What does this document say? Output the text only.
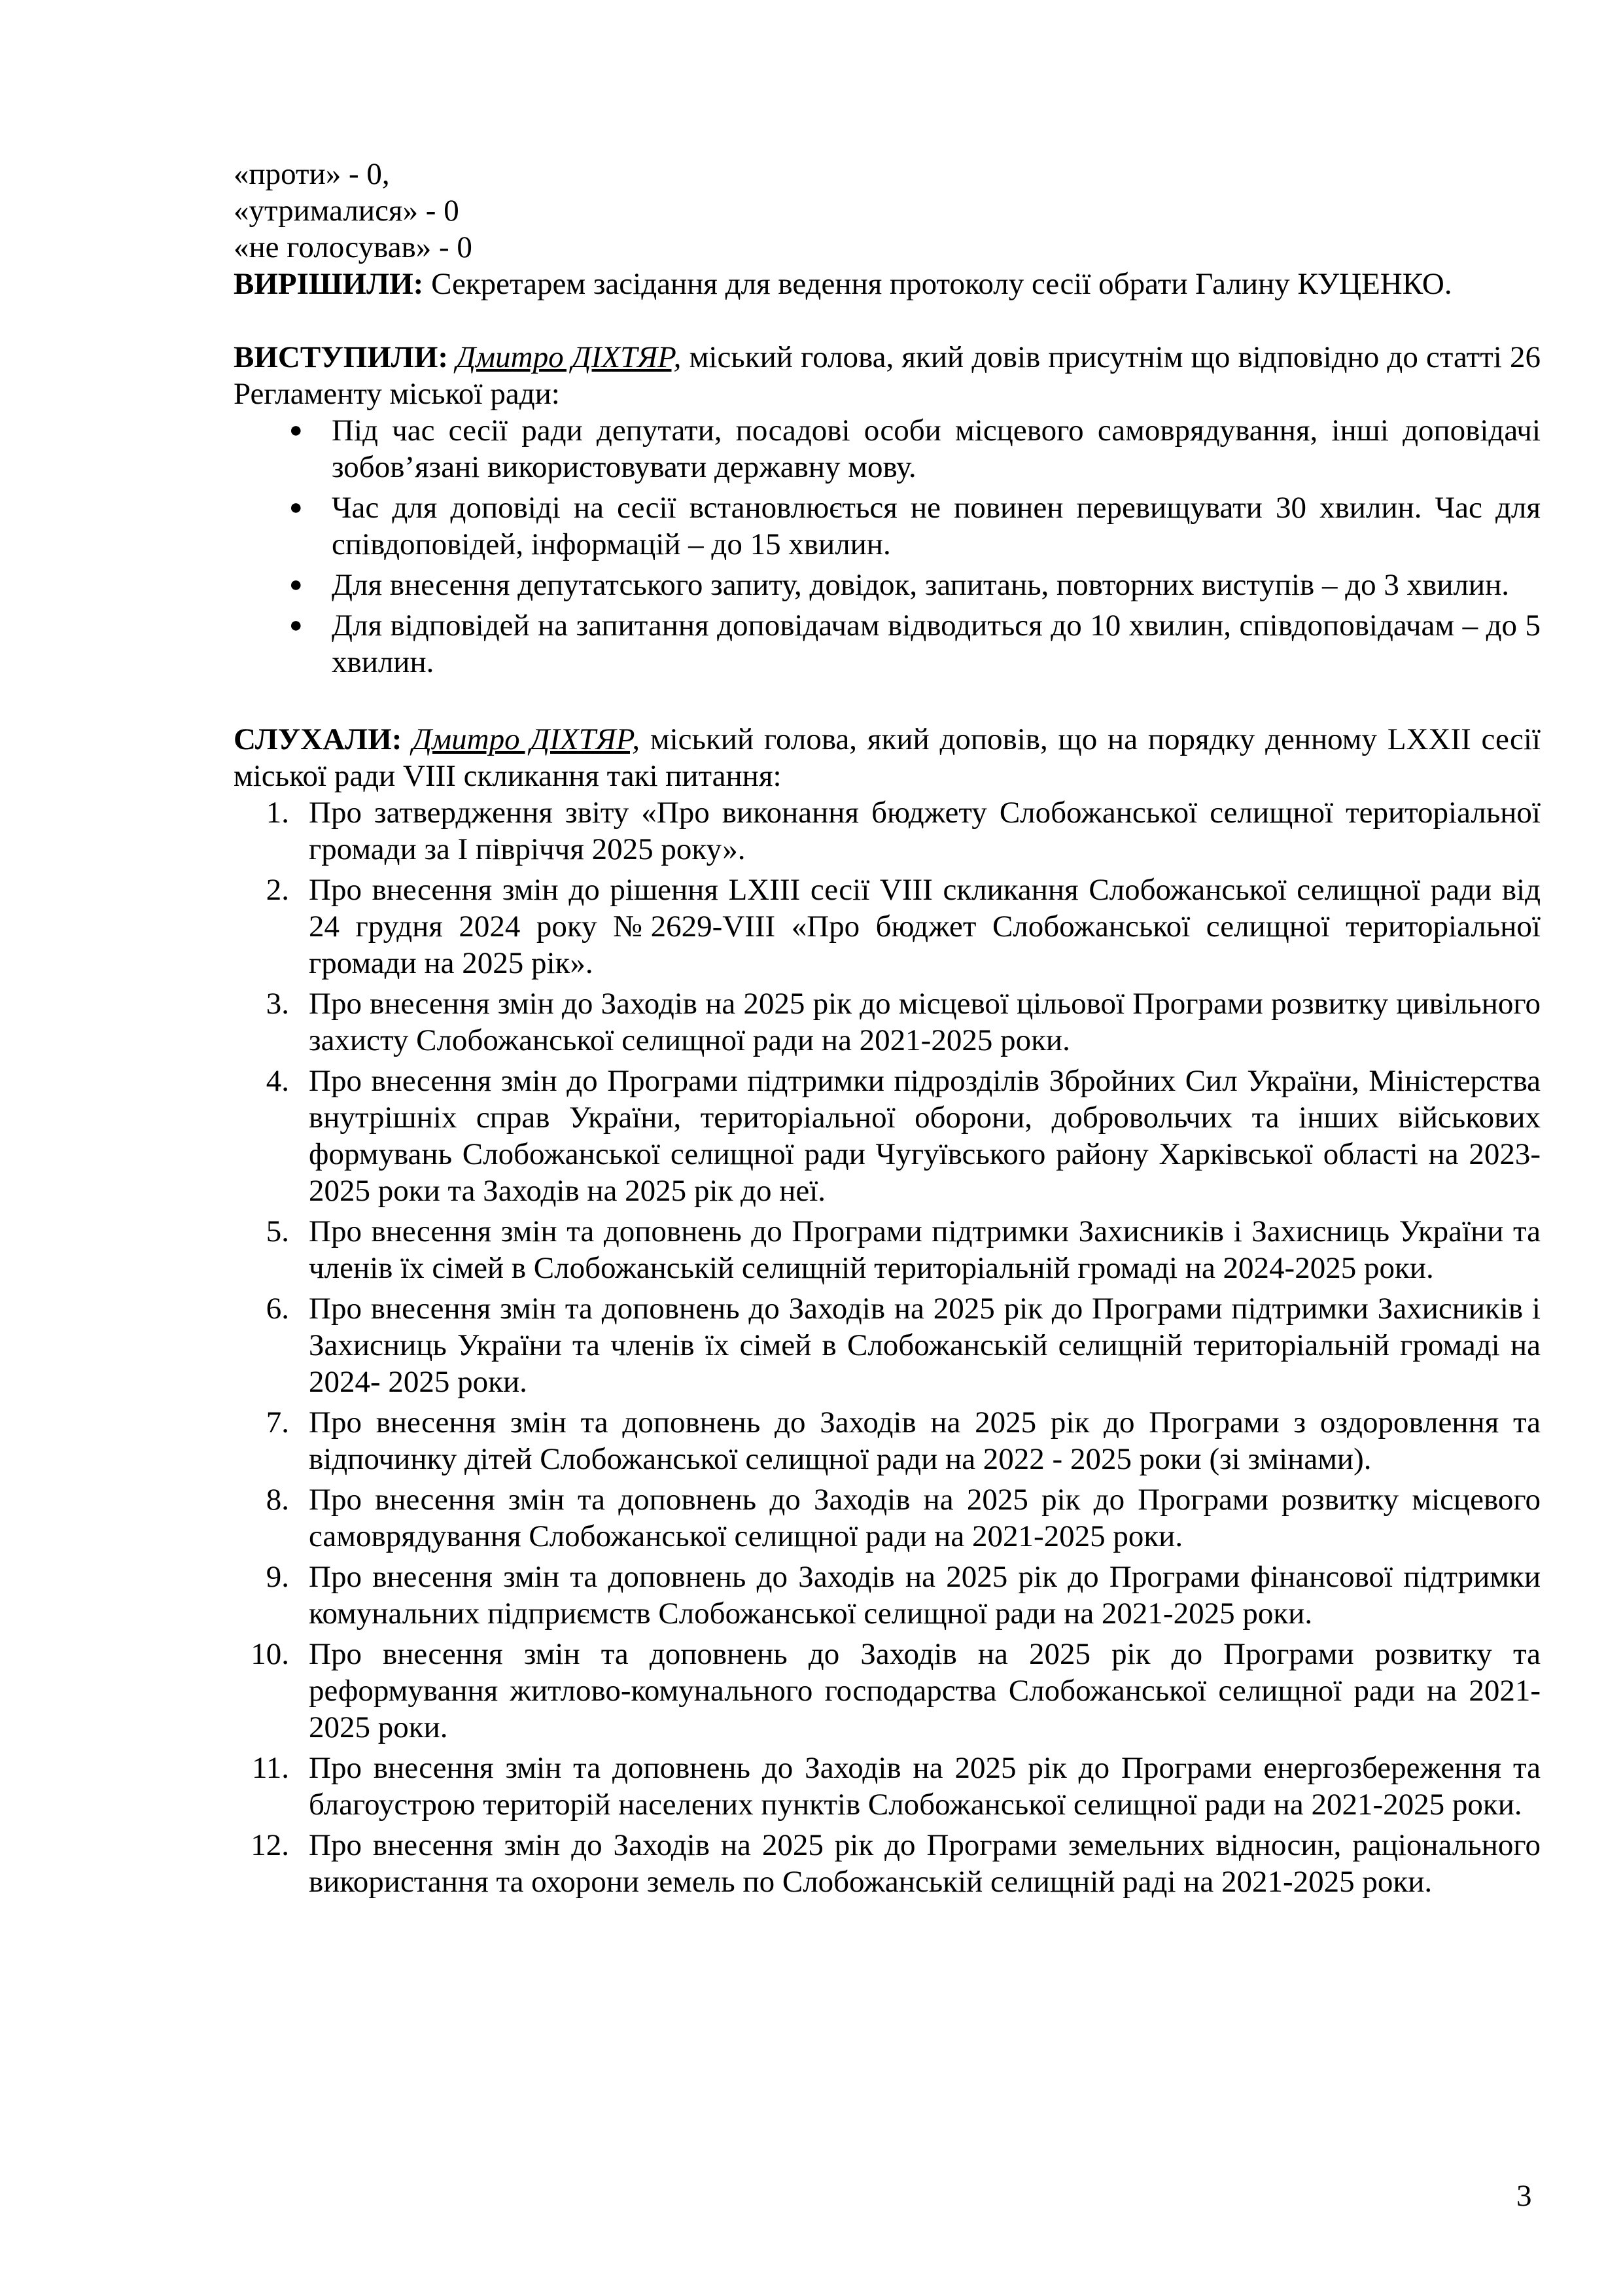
«проти» - 0,

«утрималися» - 0

«не голосував» - 0

ВИРІШИЛИ: Секретарем засідання для ведення протоколу сесії обрати Галину КУЦЕНКО.

ВИСТУПИЛИ: Дмитро ДІХТЯР, міський голова, який довів присутнім що відповідно до статті 26 Регламенту міської ради:

● Під час сесії ради депутати, посадові особи місцевого самоврядування, інші доповідачі зобов’язані використовувати державну мову.
● Час для доповіді на сесії встановлюється не повинен перевищувати 30 хвилин. Час для співдоповідей, інформацій – до 15 хвилин.
● Для внесення депутатського запиту, довідок, запитань, повторних виступів – до 3 хвилин.
● Для відповідей на запитання доповідачам відводиться до 10 хвилин, співдоповідачам – до 5 хвилин.

СЛУХАЛИ: Дмитро ДІХТЯР, міський голова, який доповів, що на порядку денному LXXII сесії міської ради VIII скликання такі питання:

1. Про затвердження звіту «Про виконання бюджету Слобожанської селищної територіальної громади за І півріччя 2025 року».
2. Про внесення змін до рішення LXIII сесії VIII скликання Слобожанської селищної ради від 24 грудня 2024 року №2629-VIII «Про бюджет Слобожанської селищної територіальної громади на 2025 рік».
3. Про внесення змін до Заходів на 2025 рік до місцевої цільової Програми розвитку цивільного захисту Слобожанської селищної ради на 2021-2025 роки.
4. Про внесення змін до Програми підтримки підрозділів Збройних Сил України, Міністерства внутрішніх справ України, територіальної оборони, добровольчих та інших військових формувань Слобожанської селищної ради Чугуївського району Харківської області на 2023-2025 роки та Заходів на 2025 рік до неї.
5. Про внесення змін та доповнень до Програми підтримки Захисників і Захисниць України та членів їх сімей в Слобожанській селищній територіальній громаді на 2024-2025 роки.
6. Про внесення змін та доповнень до Заходів на 2025 рік до Програми підтримки Захисників і Захисниць України та членів їх сімей в Слобожанській селищній територіальній громаді на 2024- 2025 роки.
7. Про внесення змін та доповнень до Заходів на 2025 рік до Програми з оздоровлення та відпочинку дітей Слобожанської селищної ради на 2022 - 2025 роки (зі змінами).
8. Про внесення змін та доповнень до Заходів на 2025 рік до Програми розвитку місцевого самоврядування Слобожанської селищної ради на 2021-2025 роки.
9. Про внесення змін та доповнень до Заходів на 2025 рік до Програми фінансової підтримки комунальних підприємств Слобожанської селищної ради на 2021-2025 роки.
10. Про внесення змін та доповнень до Заходів на 2025 рік до Програми розвитку та реформування житлово-комунального господарства Слобожанської селищної ради на 2021-2025 роки.
11. Про внесення змін та доповнень до Заходів на 2025 рік до Програми енергозбереження та благоустрою територій населених пунктів Слобожанської селищної ради на 2021-2025 роки.
12. Про внесення змін до Заходів на 2025 рік до Програми земельних відносин, раціонального використання та охорони земель по Слобожанській селищній раді на 2021-2025 роки.
3
